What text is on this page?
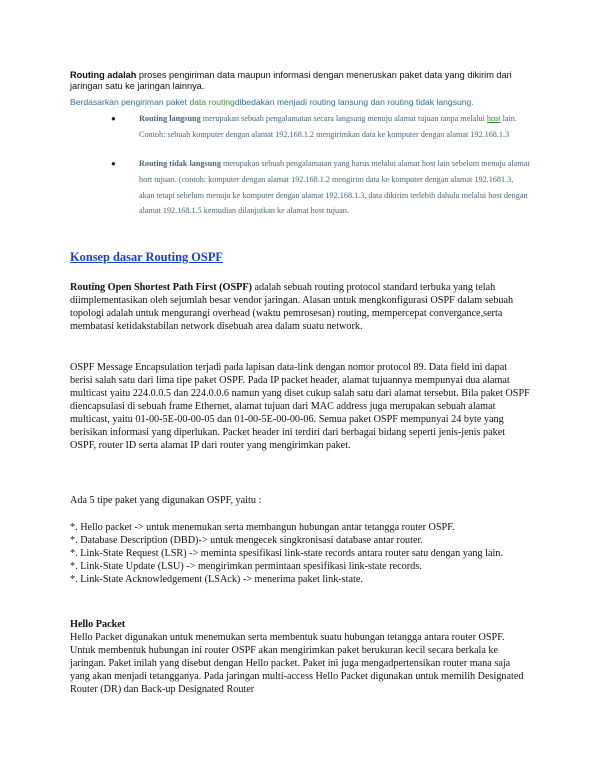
Routing adalah proses pengiriman data maupun informasi dengan meneruskan paket data yang dikirim dari jaringan satu ke jaringan lainnya.
Berdasarkan pengiriman paket data routingdibedakan menjadi routing lansung dan routing tidak langsung.
●	Routing langsung merupakan sebuah pengalamatan secara langsung menuju alamat tujuan tanpa melalui host lain. Contoh: sebuah komputer dengan alamat 192.168.1.2 mengirimkan data ke komputer dengan alamat 192.168.1.3
●	Routing tidak langsung merupakan sebuah pengalamatan yang harus melalui alamat host lain sebelum menuju alamat hort tujuan. (contoh: komputer dengan alamat 192.168.1.2 mengirim data ke komputer dengan alamat 192.1681.3, akan tetapi sebelum menuju ke komputer dengan alamat 192.168.1.3, data dikirim terlebih dahulu melalui host dengan alamat 192.168.1.5 kemudian dilanjutkan ke alamat host tujuan.
Konsep dasar Routing OSPF
Routing Open Shortest Path First (OSPF) adalah sebuah routing protocol standard terbuka yang telah diimplementasikan oleh sejumlah besar vendor jaringan. Alasan untuk mengkonfigurasi OSPF dalam sebuah topologi adalah untuk mengurangi overhead (waktu pemrosesan) routing, mempercepat convergance,serta membatasi ketidakstabilan network disebuah area dalam suatu network.
OSPF Message Encapsulation terjadi pada lapisan data-link dengan nomor protocol 89. Data field ini dapat berisi salah satu dari lima tipe paket OSPF. Pada IP packet header, alamat tujuannya mempunyai dua alamat multicast yaitu 224.0.0.5 dan 224.0.0.6 namun yang diset cukup salah satu dari alamat tersebut. Bila paket OSPF diencapsulasi di sebuah frame Ethernet, alamat tujuan dari MAC address juga merupakan sebuah alamat multicast, yaitu 01-00-5E-00-00-05 dan 01-00-5E-00-00-06. Semua paket OSPF mempunyai 24 byte yang berisikan informasi yang diperlukan. Packet header ini terdiri dari berbagai bidang seperti jenis-jenis paket OSPF, router ID serta alamat IP dari router yang mengirimkan paket.
Ada 5 tipe paket yang digunakan OSPF, yaitu :
*. Hello packet -> untuk menemukan serta membangun hubungan antar tetangga router OSPF.
*. Database Description (DBD)-> untuk mengecek singkronisasi database antar router.
*. Link-State Request (LSR) -> meminta spesifikasi link-state records antara router satu dengan yang lain.
*. Link-State Update (LSU) -> mengirimkan permintaan spesifikasi link-state records.
*. Link-State Acknowledgement (LSAck) -> menerima paket link-state.
Hello Packet
Hello Packet digunakan untuk menemukan serta membentuk suatu hubungan tetangga antara router OSPF. Untuk membentuk hubungan ini router OSPF akan mengirimkan paket berukuran kecil secara berkala ke jaringan. Paket inilah yang disebut dengan Hello packet. Paket ini juga mengadpertensikan router mana saja yang akan menjadi tetangganya. Pada jaringan multi-access Hello Packet digunakan untuk memilih Designated Router (DR) dan Back-up Designated Router
